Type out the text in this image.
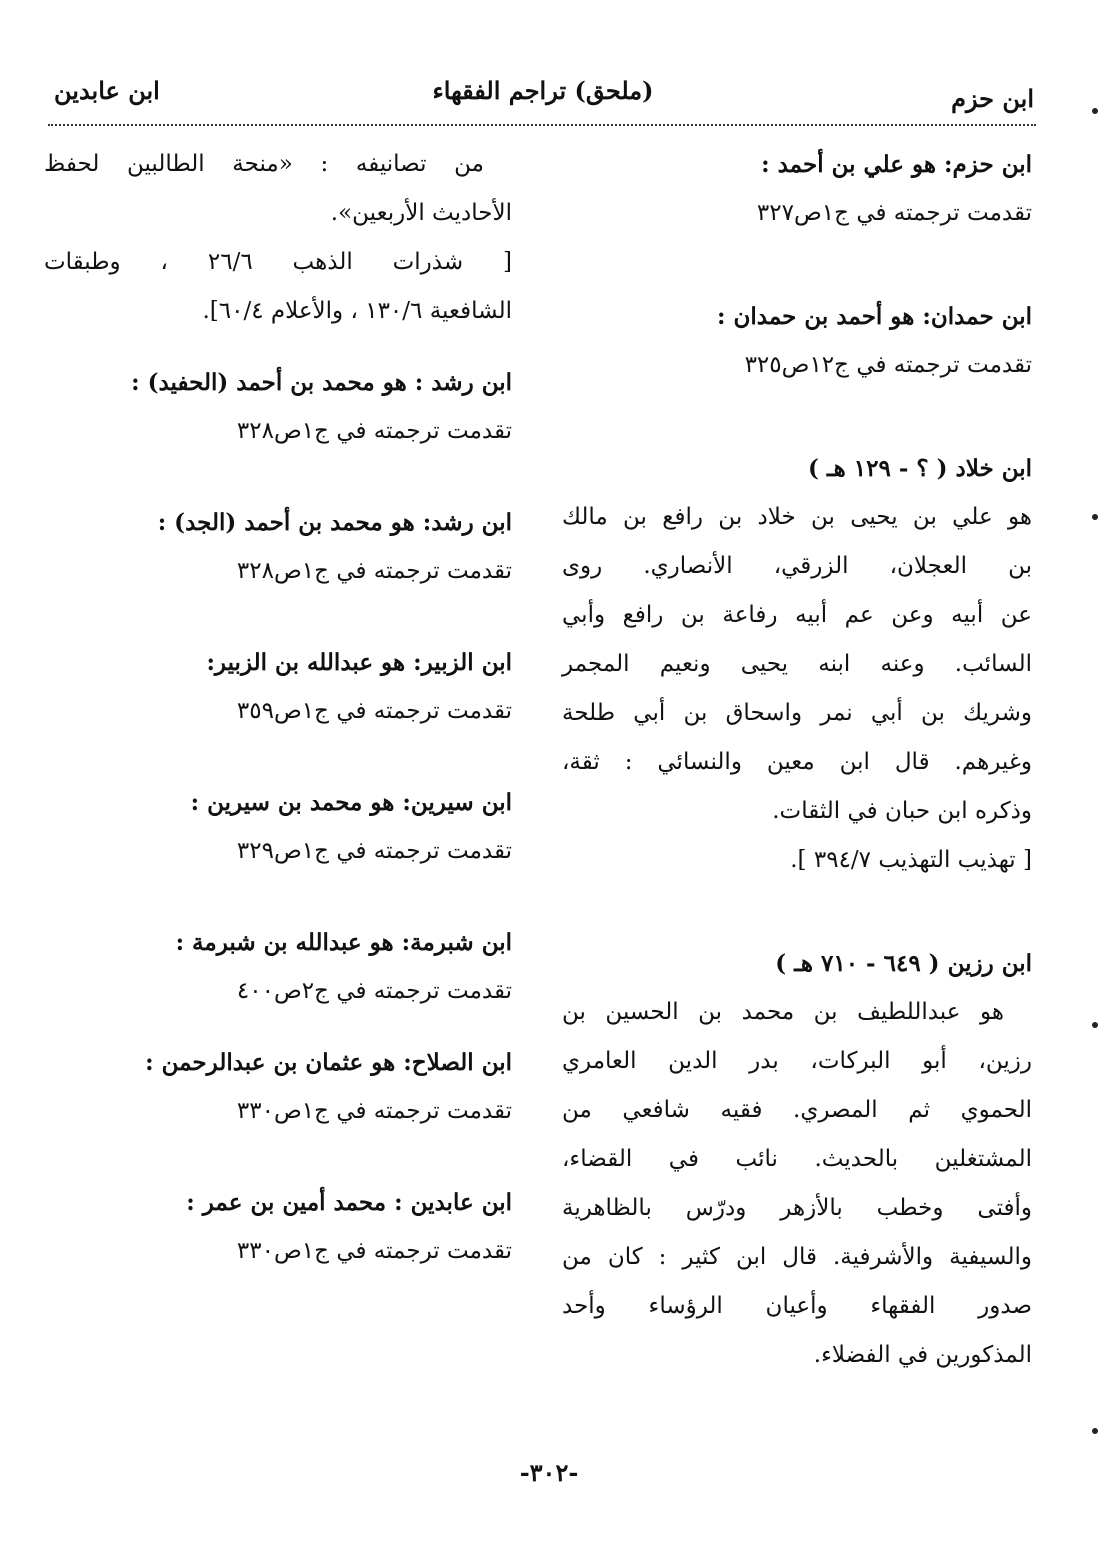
ابن حزم
(ملحق) تراجم الفقهاء
ابن عابدين
ابن حزم: هو علي بن أحمد :
تقدمت ترجمته في ج١ص٣٢٧
ابن حمدان: هو أحمد بن حمدان :
تقدمت ترجمته في ج١٢ص٣٢٥
ابن خلاد ( ؟ - ١٢٩ هـ )
هو علي بن يحيى بن خلاد بن رافع بن مالك
بن العجلان، الزرقي، الأنصاري. روى
عن أبيه وعن عم أبيه رفاعة بن رافع وأبي
السائب. وعنه ابنه يحيى ونعيم المجمر
وشريك بن أبي نمر واسحاق بن أبي طلحة
وغيرهم. قال ابن معين والنسائي : ثقة،
وذكره ابن حبان في الثقات.
[ تهذيب التهذيب ٣٩٤/٧ ].
ابن رزين ( ٦٤٩ - ٧١٠ هـ )
هو عبداللطيف بن محمد بن الحسين بن
رزين، أبو البركات، بدر الدين العامري
الحموي ثم المصري. فقيه شافعي من
المشتغلين بالحديث. نائب في القضاء،
وأفتى وخطب بالأزهر ودرّس بالظاهرية
والسيفية والأشرفية. قال ابن كثير : كان من
صدور الفقهاء وأعيان الرؤساء وأحد
المذكورين في الفضلاء.
من تصانيفه : «منحة الطالبين لحفظ
الأحاديث الأربعين».
[ شذرات الذهب ٢٦/٦ ، وطبقات
الشافعية ١٣٠/٦ ، والأعلام ٦٠/٤].
ابن رشد : هو محمد بن أحمد (الحفيد) :
تقدمت ترجمته في ج١ص٣٢٨
ابن رشد: هو محمد بن أحمد (الجد) :
تقدمت ترجمته في ج١ص٣٢٨
ابن الزبير: هو عبدالله بن الزبير:
تقدمت ترجمته في ج١ص٣٥٩
ابن سيرين: هو محمد بن سيرين :
تقدمت ترجمته في ج١ص٣٢٩
ابن شبرمة: هو عبدالله بن شبرمة :
تقدمت ترجمته في ج٢ص٤٠٠
ابن الصلاح: هو عثمان بن عبدالرحمن :
تقدمت ترجمته في ج١ص٣٣٠
ابن عابدين : محمد أمين بن عمر :
تقدمت ترجمته في ج١ص٣٣٠
-٣٠٢-
